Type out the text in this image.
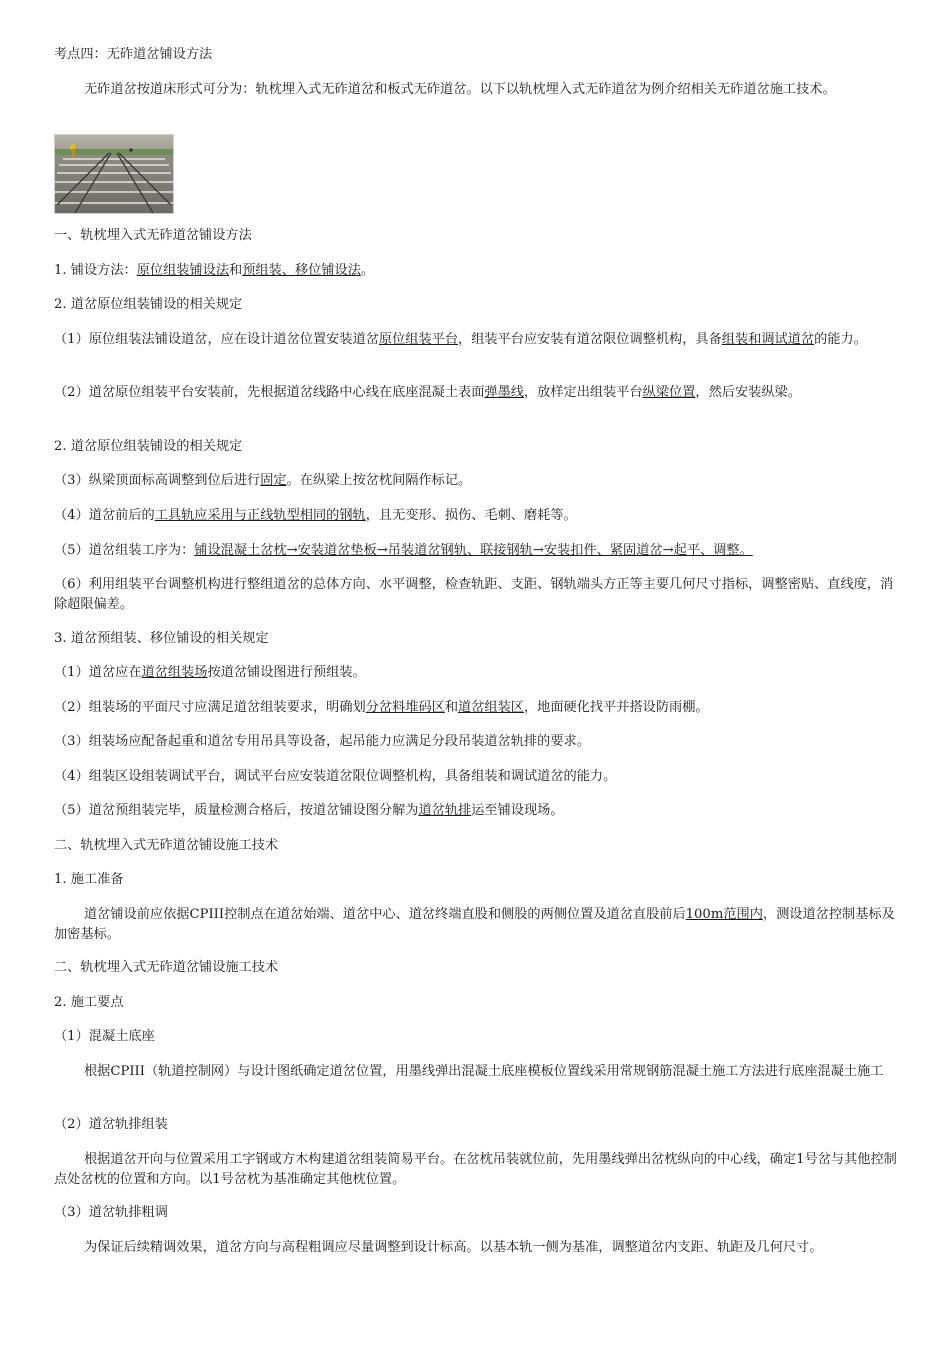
考点四：无砟道岔铺设方法
无砟道岔按道床形式可分为：轨枕埋入式无砟道岔和板式无砟道岔。以下以轨枕埋入式无砟道岔为例介绍相关无砟道岔施工技术。
一、轨枕埋入式无砟道岔铺设方法
1. 铺设方法：原位组装铺设法和预组装、移位铺设法。
2. 道岔原位组装铺设的相关规定
（1）原位组装法铺设道岔，应在设计道岔位置安装道岔原位组装平台，组装平台应安装有道岔限位调整机构，具备组装和调试道岔的能力。
（2）道岔原位组装平台安装前，先根据道岔线路中心线在底座混凝土表面弹墨线，放样定出组装平台纵梁位置，然后安装纵梁。
2. 道岔原位组装铺设的相关规定
（3）纵梁顶面标高调整到位后进行固定。在纵梁上按岔枕间隔作标记。
（4）道岔前后的工具轨应采用与正线轨型相同的钢轨，且无变形、损伤、毛刺、磨耗等。
（5）道岔组装工序为：铺设混凝土岔枕→安装道岔垫板→吊装道岔钢轨、联接钢轨→安装扣件、紧固道岔→起平、调整。
（6）利用组装平台调整机构进行整组道岔的总体方向、水平调整，检查轨距、支距、钢轨端头方正等主要几何尺寸指标，调整密贴、直线度，消除超限偏差。
3. 道岔预组装、移位铺设的相关规定
（1）道岔应在道岔组装场按道岔铺设图进行预组装。
（2）组装场的平面尺寸应满足道岔组装要求，明确划分岔料堆码区和道岔组装区，地面硬化找平并搭设防雨棚。
（3）组装场应配备起重和道岔专用吊具等设备，起吊能力应满足分段吊装道岔轨排的要求。
（4）组装区设组装调试平台，调试平台应安装道岔限位调整机构，具备组装和调试道岔的能力。
（5）道岔预组装完毕，质量检测合格后，按道岔铺设图分解为道岔轨排运至铺设现场。
二、轨枕埋入式无砟道岔铺设施工技术
1. 施工准备
道岔铺设前应依据CPIII控制点在道岔始端、道岔中心、道岔终端直股和侧股的两侧位置及道岔直股前后100m范围内，测设道岔控制基标及加密基标。
二、轨枕埋入式无砟道岔铺设施工技术
2. 施工要点
（1）混凝土底座
根据CPIII（轨道控制网）与设计图纸确定道岔位置，用墨线弹出混凝土底座模板位置线采用常规钢筋混凝土施工方法进行底座混凝土施工
（2）道岔轨排组装
根据道岔开向与位置采用工字钢或方木构建道岔组装简易平台。在岔枕吊装就位前，先用墨线弹出岔枕纵向的中心线，确定1号岔与其他控制点处岔枕的位置和方向。以1号岔枕为基准确定其他枕位置。
（3）道岔轨排粗调
为保证后续精调效果，道岔方向与高程粗调应尽量调整到设计标高。以基本轨一侧为基准，调整道岔内支距、轨距及几何尺寸。
